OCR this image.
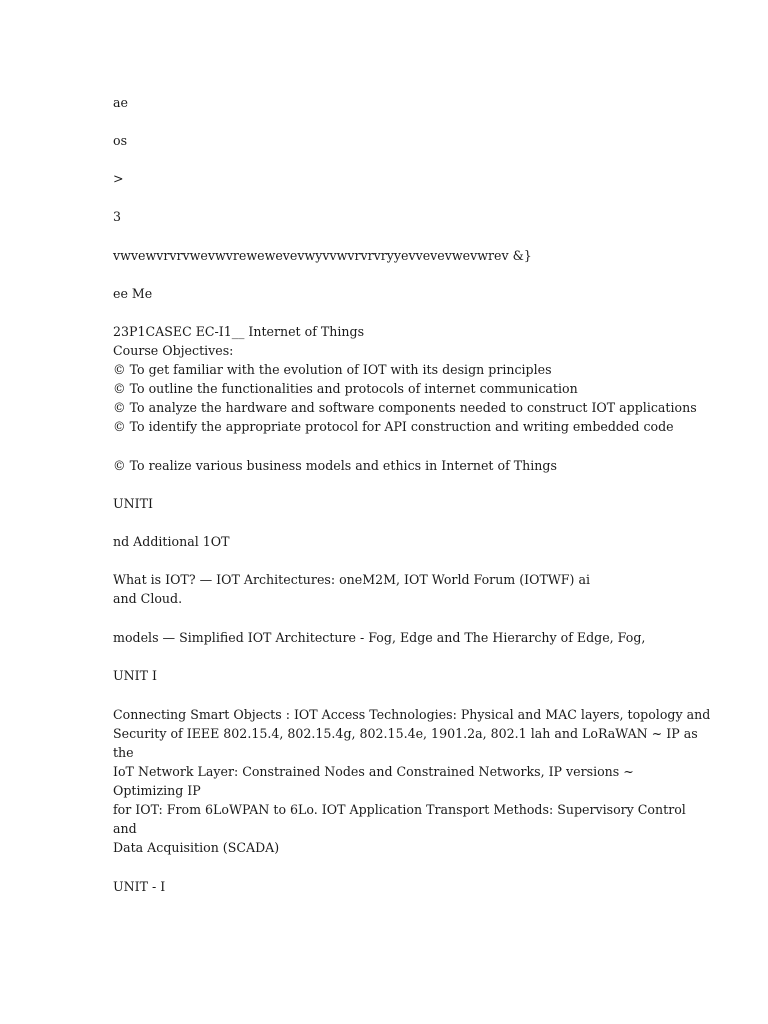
ae

os

>

3

vwvewvrvrvwevwvrewewevevwyvvwvrvrvryyevvevevwevwrev &}

ee Me

23P1CASEC EC-I1__ Internet of Things

Course Objectives:

© To get familiar with the evolution of IOT with its design principles

© To outline the functionalities and protocols of internet communication

© To analyze the hardware and software components needed to construct IOT applications

© To identify the appropriate protocol for API construction and writing embedded code

© To realize various business models and ethics in Internet of Things

UNITI

nd Additional 1OT

What is IOT? — IOT Architectures: oneM2M, IOT World Forum (IOTWF) ai

and Cloud.

models — Simplified IOT Architecture - Fog, Edge and The Hierarchy of Edge, Fog,

UNIT I

Connecting Smart Objects : IOT Access Technologies: Physical and MAC layers, topology and

Security of IEEE 802.15.4, 802.15.4g, 802.15.4e, 1901.2a, 802.1 lah and LoRaWAN ~ IP as

the

IoT Network Layer: Constrained Nodes and Constrained Networks, IP versions ~

Optimizing IP

for IOT: From 6LoWPAN to 6Lo. IOT Application Transport Methods: Supervisory Control

and

Data Acquisition (SCADA)

UNIT - I
